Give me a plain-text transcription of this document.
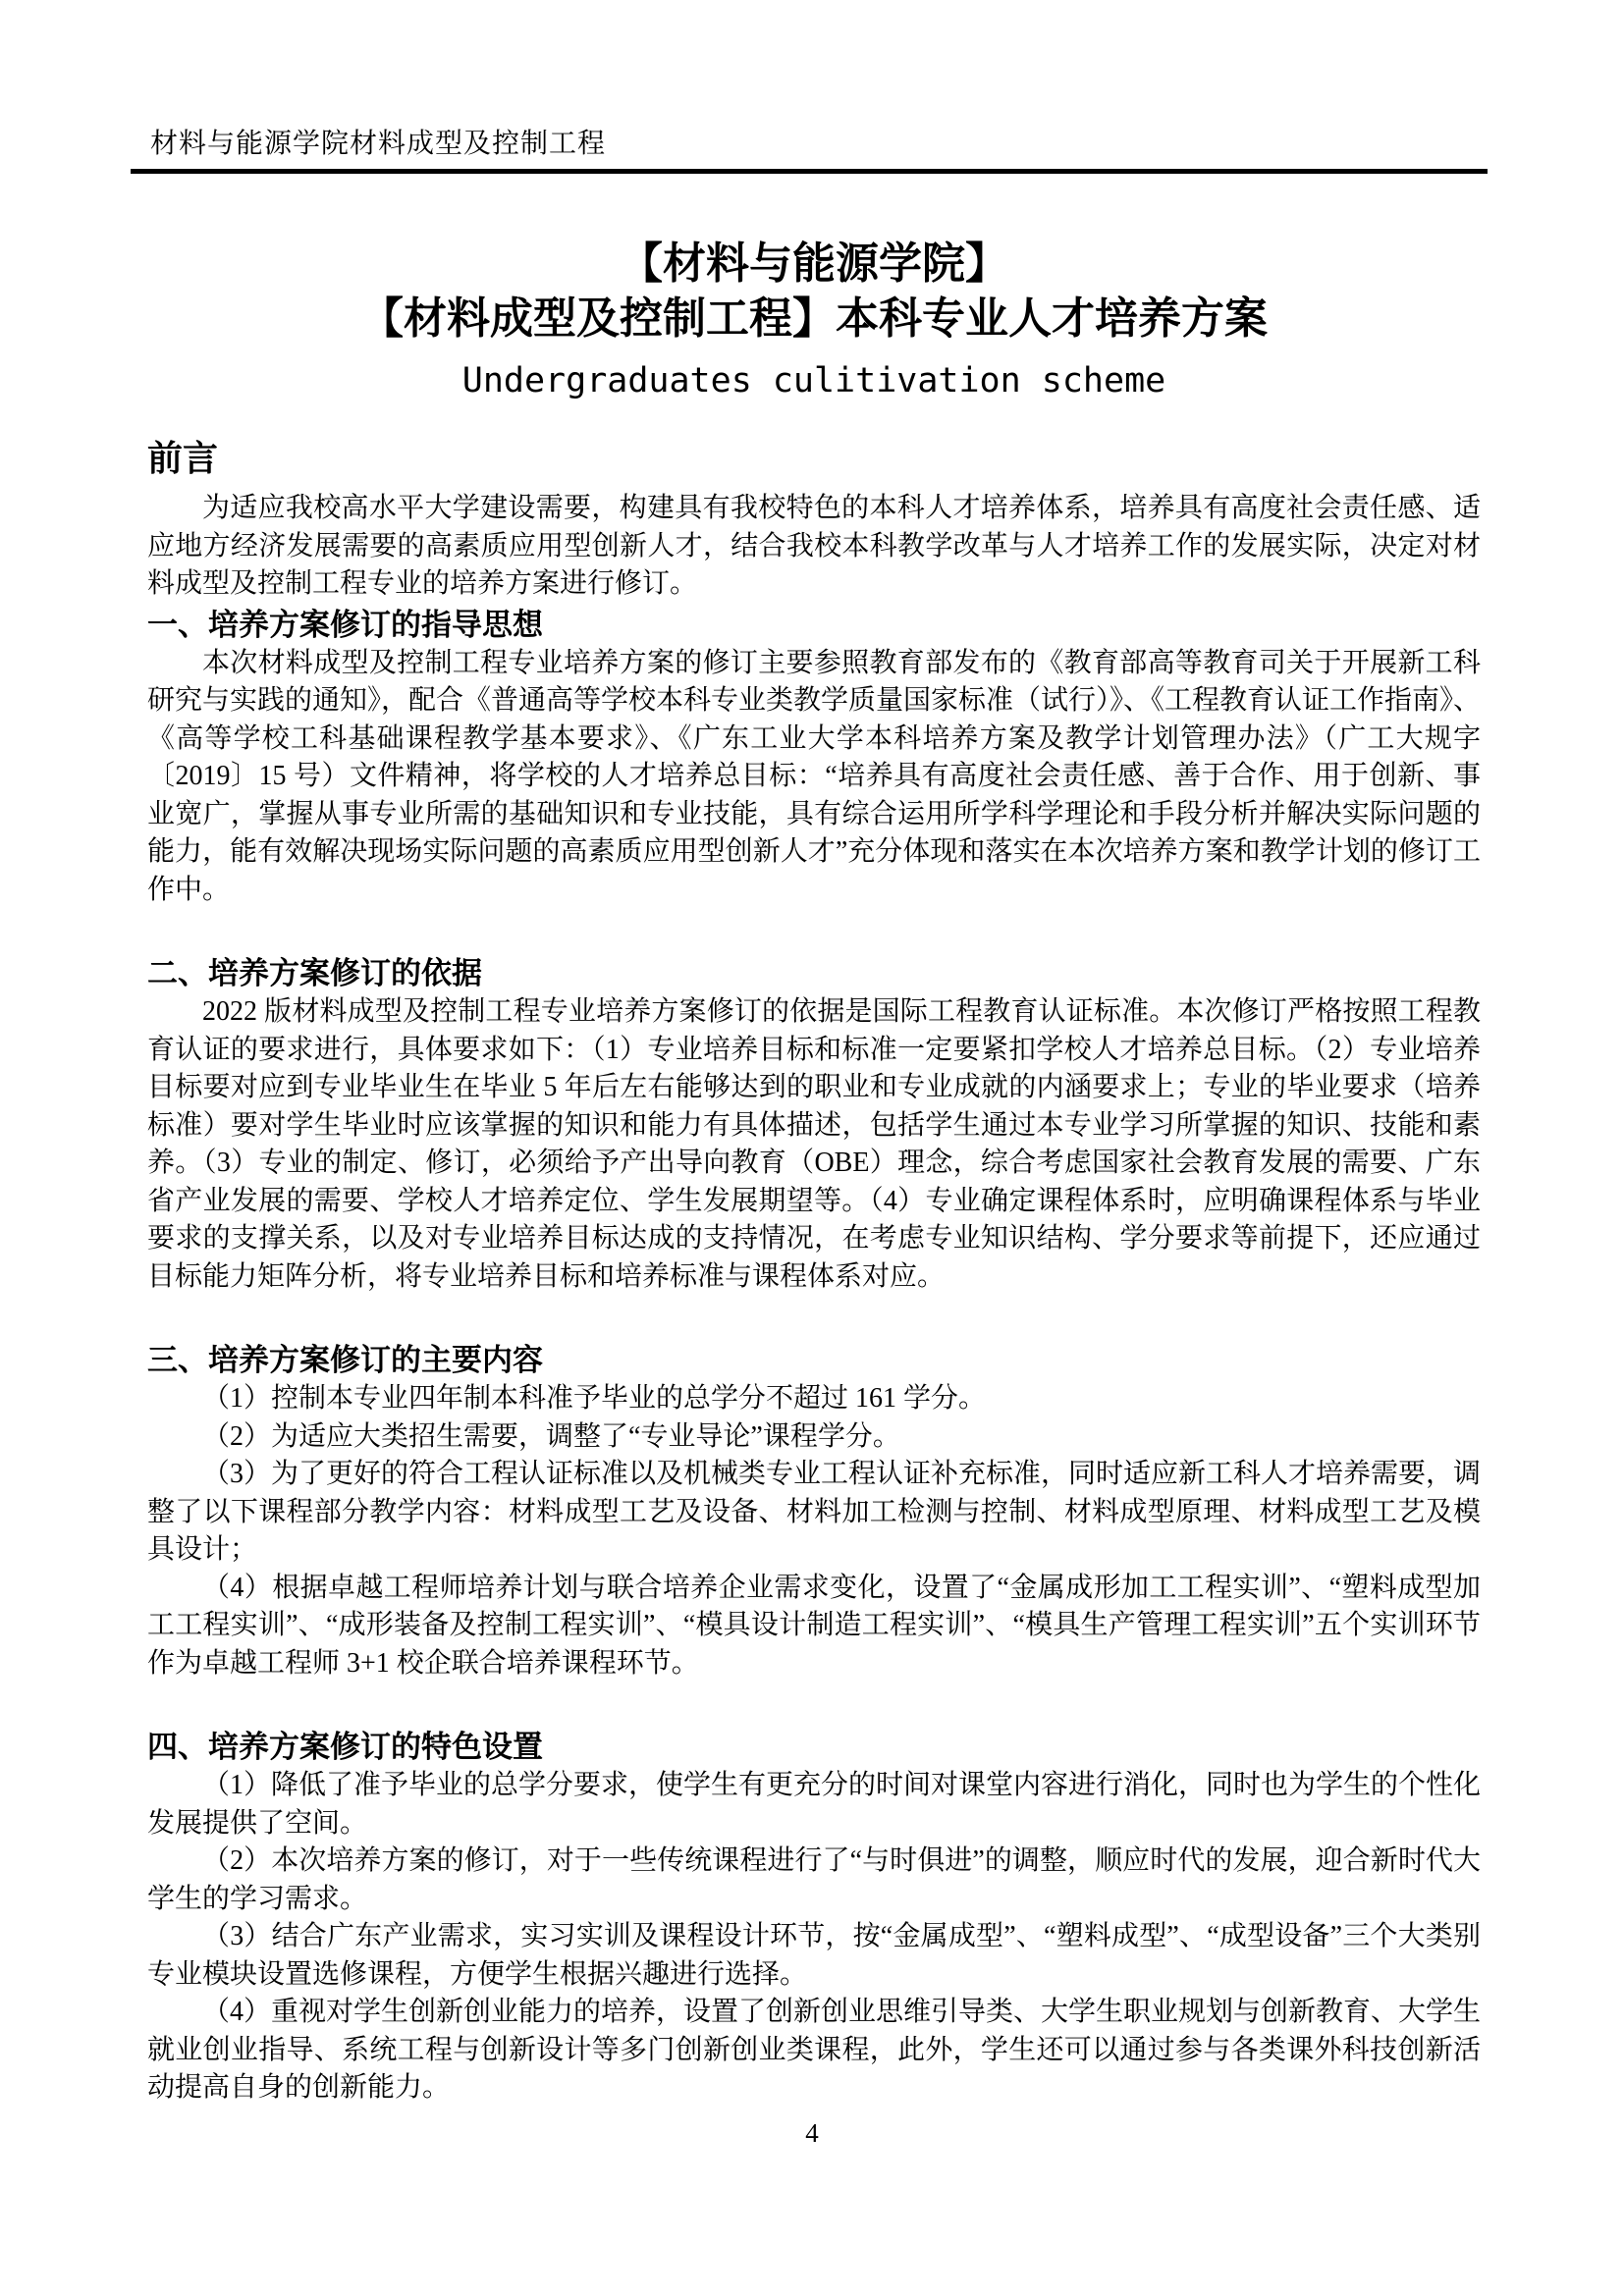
材料与能源学院材料成型及控制工程
【材料与能源学院】
【材料成型及控制工程】本科专业人才培养方案
Undergraduates culitivation scheme
前言

为适应我校高水平大学建设需要，构建具有我校特色的本科人才培养体系，培养具有高度社会责任感、适应地方经济发展需要的高素质应用型创新人才，结合我校本科教学改革与人才培养工作的发展实际，决定对材料成型及控制工程专业的培养方案进行修订。

一、培养方案修订的指导思想

本次材料成型及控制工程专业培养方案的修订主要参照教育部发布的《教育部高等教育司关于开展新工科研究与实践的通知》，配合《普通高等学校本科专业类教学质量国家标准（试行）》、《工程教育认证工作指南》、《高等学校工科基础课程教学基本要求》、《广东工业大学本科培养方案及教学计划管理办法》（广工大规字〔2019〕15 号）文件精神，将学校的人才培养总目标：“培养具有高度社会责任感、善于合作、用于创新、事业宽广，掌握从事专业所需的基础知识和专业技能，具有综合运用所学科学理论和手段分析并解决实际问题的能力，能有效解决现场实际问题的高素质应用型创新人才”充分体现和落实在本次培养方案和教学计划的修订工作中。

二、培养方案修订的依据

2022 版材料成型及控制工程专业培养方案修订的依据是国际工程教育认证标准。本次修订严格按照工程教育认证的要求进行，具体要求如下：（1）专业培养目标和标准一定要紧扣学校人才培养总目标。（2）专业培养目标要对应到专业毕业生在毕业 5 年后左右能够达到的职业和专业成就的内涵要求上；专业的毕业要求（培养标准）要对学生毕业时应该掌握的知识和能力有具体描述，包括学生通过本专业学习所掌握的知识、技能和素养。（3）专业的制定、修订，必须给予产出导向教育（OBE）理念，综合考虑国家社会教育发展的需要、广东省产业发展的需要、学校人才培养定位、学生发展期望等。（4）专业确定课程体系时，应明确课程体系与毕业要求的支撑关系，以及对专业培养目标达成的支持情况，在考虑专业知识结构、学分要求等前提下，还应通过目标能力矩阵分析，将专业培养目标和培养标准与课程体系对应。

三、培养方案修订的主要内容

（1）控制本专业四年制本科准予毕业的总学分不超过 161 学分。

（2）为适应大类招生需要，调整了“专业导论”课程学分。

（3）为了更好的符合工程认证标准以及机械类专业工程认证补充标准，同时适应新工科人才培养需要，调整了以下课程部分教学内容：材料成型工艺及设备、材料加工检测与控制、材料成型原理、材料成型工艺及模具设计；

（4）根据卓越工程师培养计划与联合培养企业需求变化，设置了“金属成形加工工程实训”、“塑料成型加工工程实训”、“成形装备及控制工程实训”、“模具设计制造工程实训”、“模具生产管理工程实训”五个实训环节作为卓越工程师 3+1 校企联合培养课程环节。

四、培养方案修订的特色设置

（1）降低了准予毕业的总学分要求，使学生有更充分的时间对课堂内容进行消化，同时也为学生的个性化发展提供了空间。

（2）本次培养方案的修订，对于一些传统课程进行了“与时俱进”的调整，顺应时代的发展，迎合新时代大学生的学习需求。

（3）结合广东产业需求，实习实训及课程设计环节，按“金属成型”、“塑料成型”、“成型设备”三个大类别专业模块设置选修课程，方便学生根据兴趣进行选择。

（4）重视对学生创新创业能力的培养，设置了创新创业思维引导类、大学生职业规划与创新教育、大学生就业创业指导、系统工程与创新设计等多门创新创业类课程，此外，学生还可以通过参与各类课外科技创新活动提高自身的创新能力。

4
